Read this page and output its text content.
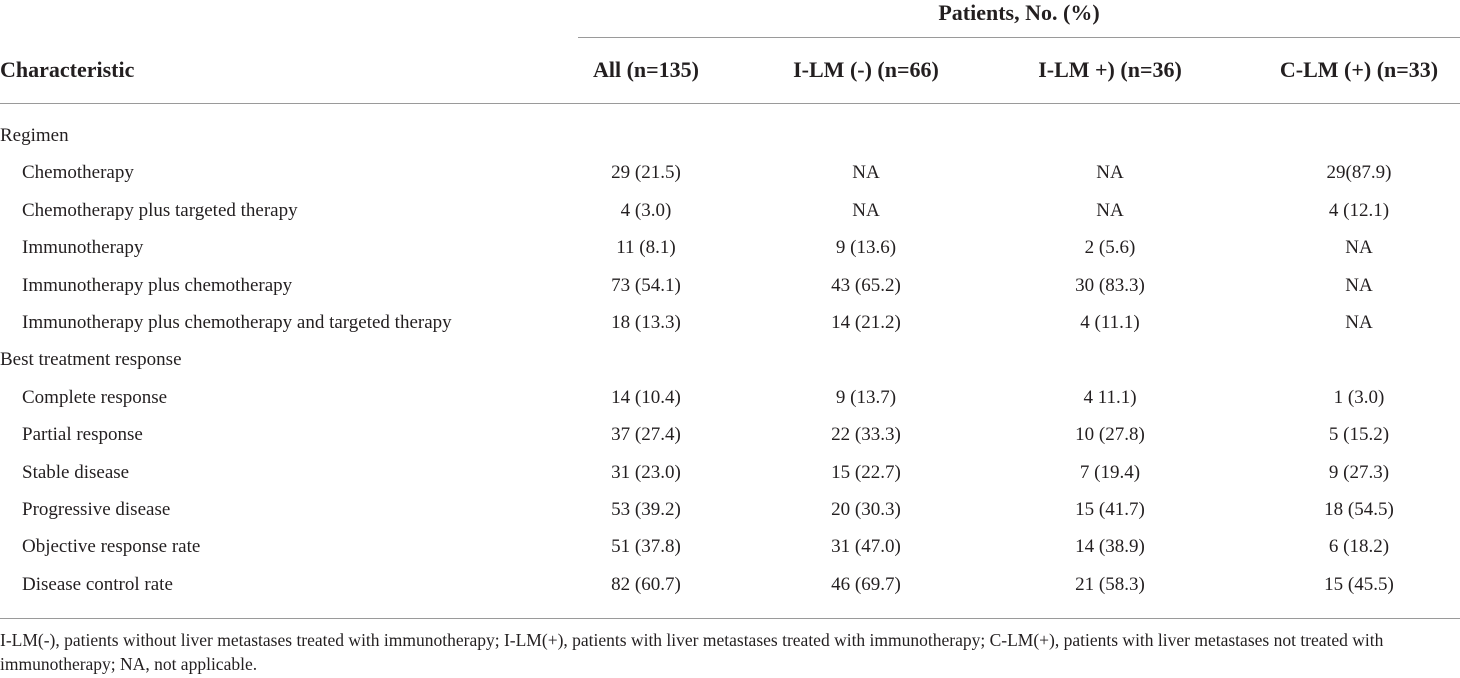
Patients, No. (%)
Characteristic	All (n=135)	I-LM (-) (n=66)	I-LM +) (n=36)	C-LM (+) (n=33)
Regimen
Chemotherapy	29 (21.5)	NA	NA	29(87.9)
Chemotherapy plus targeted therapy	4 (3.0)	NA	NA	4 (12.1)
Immunotherapy	11 (8.1)	9 (13.6)	2 (5.6)	NA
Immunotherapy plus chemotherapy	73 (54.1)	43 (65.2)	30 (83.3)	NA
Immunotherapy plus chemotherapy and targeted therapy	18 (13.3)	14 (21.2)	4 (11.1)	NA
Best treatment response
Complete response	14 (10.4)	9 (13.7)	4 11.1)	1 (3.0)
Partial response	37 (27.4)	22 (33.3)	10 (27.8)	5 (15.2)
Stable disease	31 (23.0)	15 (22.7)	7 (19.4)	9 (27.3)
Progressive disease	53 (39.2)	20 (30.3)	15 (41.7)	18 (54.5)
Objective response rate	51 (37.8)	31 (47.0)	14 (38.9)	6 (18.2)
Disease control rate	82 (60.7)	46 (69.7)	21 (58.3)	15 (45.5)
I-LM(-), patients without liver metastases treated with immunotherapy; I-LM(+), patients with liver metastases treated with immunotherapy; C-LM(+), patients with liver metastases not treated with immunotherapy; NA, not applicable.
